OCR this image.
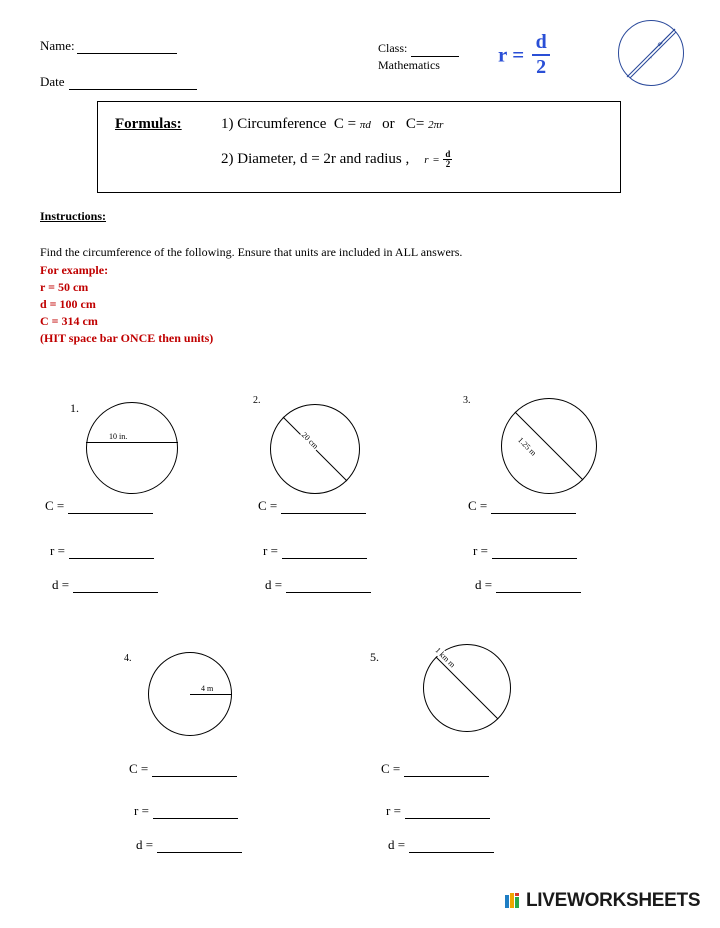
Name:
Date
Class:
Mathematics	$r = \frac{d}{2}$	d
r
Formulas:	1) Circumference C = πd or C= 2πr
2) Diameter, d = 2r and radius , $r = \frac{d}{2}$
Instructions:
Find the circumference of the following. Ensure that units are included in ALL answers.
For example:
r = 50 cm
d = 100 cm
C = 314 cm
(HIT space bar ONCE then units)
1.
10 in.
C =
r =
d =
2.
20 cm
C =
r =
d =
3.
1.25 m
C =
r =
d =
4.
4 m
C =
r =
d =
5.	1 km m
C =
r =
d =
LIVEWORKSHEETS
